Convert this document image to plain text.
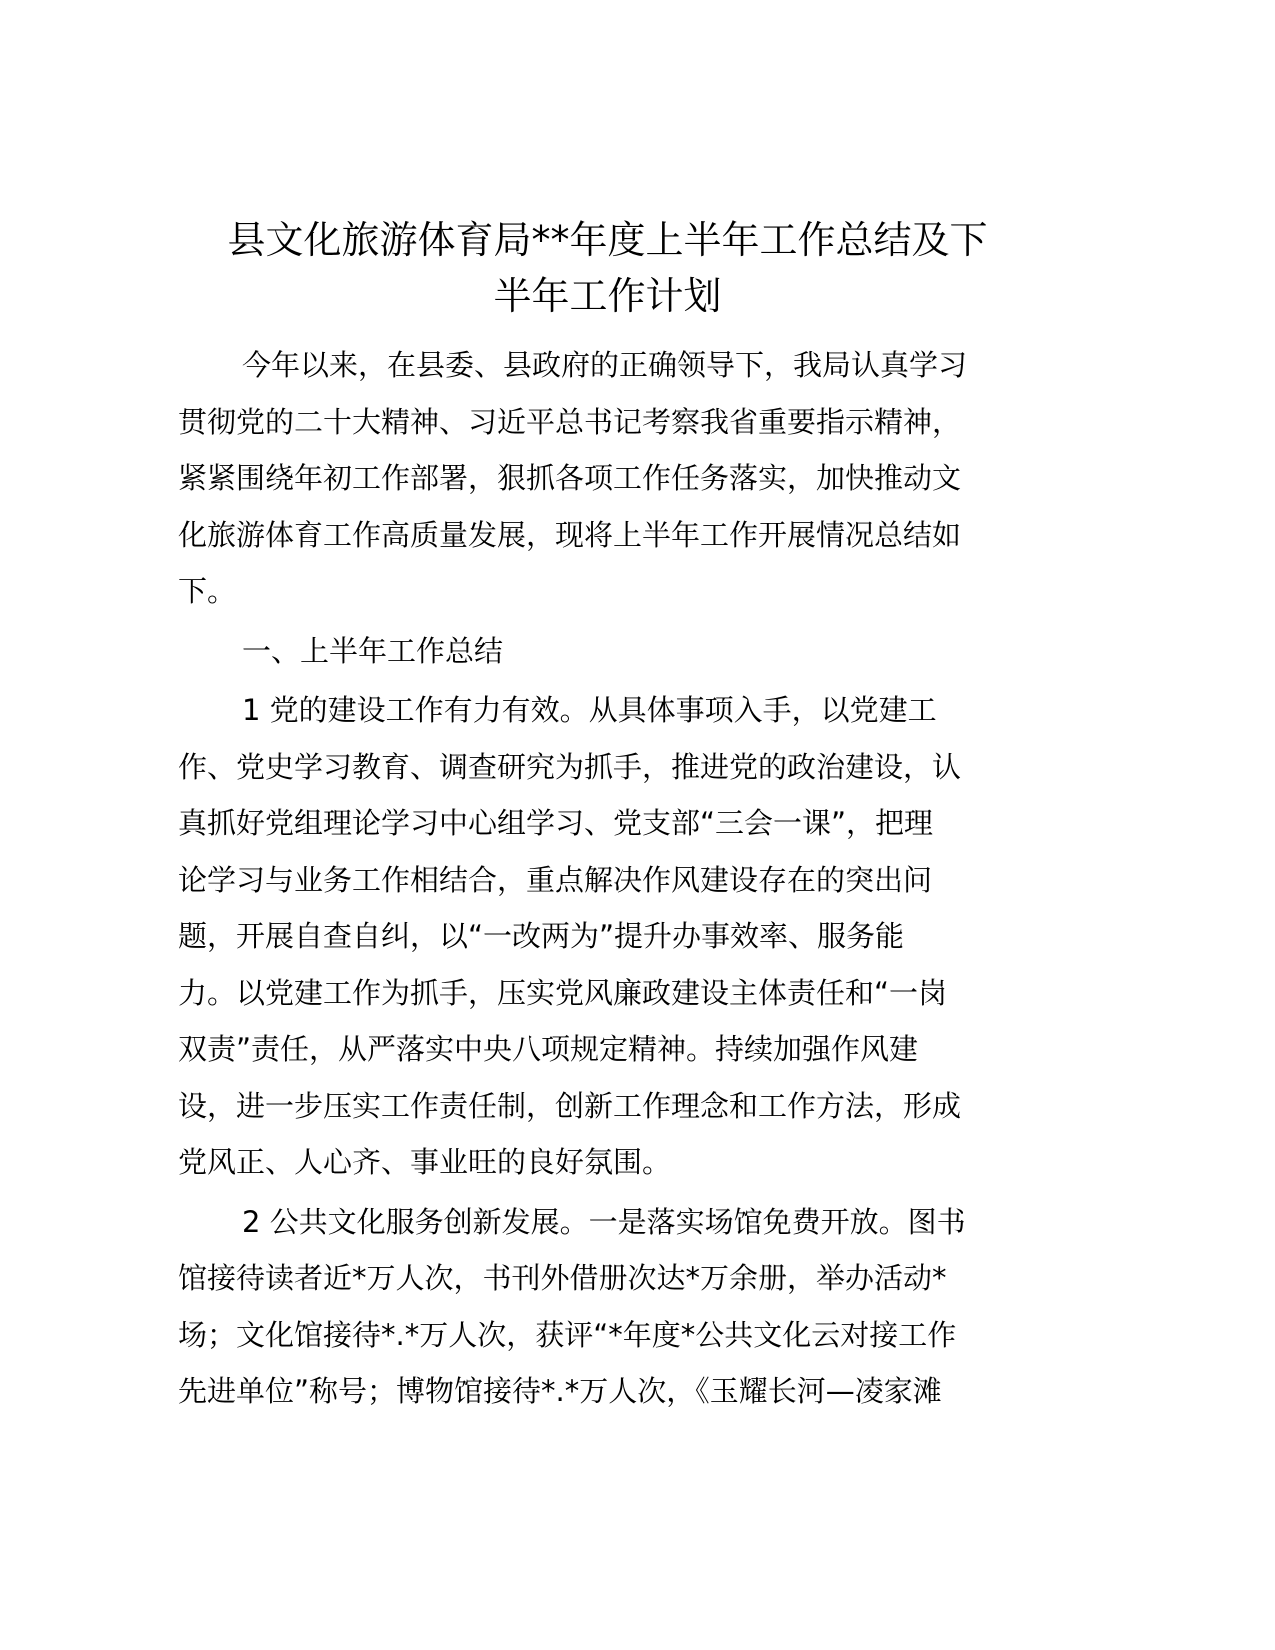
县文化旅游体育局**年度上半年工作总结及下
半年工作计划
今年以来，在县委、县政府的正确领导下，我局认真学习
贯彻党的二十大精神、习近平总书记考察我省重要指示精神，
紧紧围绕年初工作部署，狠抓各项工作任务落实，加快推动文
化旅游体育工作高质量发展，现将上半年工作开展情况总结如
下。
一、上半年工作总结
1 党的建设工作有力有效。从具体事项入手，以党建工
作、党史学习教育、调查研究为抓手，推进党的政治建设，认
真抓好党组理论学习中心组学习、党支部“三会一课”，把理
论学习与业务工作相结合，重点解决作风建设存在的突出问
题，开展自查自纠，以“一改两为”提升办事效率、服务能
力。以党建工作为抓手，压实党风廉政建设主体责任和“一岗
双责”责任，从严落实中央八项规定精神。持续加强作风建
设，进一步压实工作责任制，创新工作理念和工作方法，形成
党风正、人心齐、事业旺的良好氛围。
2 公共文化服务创新发展。一是落实场馆免费开放。图书
馆接待读者近*万人次，书刊外借册次达*万余册，举办活动*
场；文化馆接待*.*万人次，获评“*年度*公共文化云对接工作
先进单位”称号；博物馆接待*.*万人次，《玉耀长河—凌家滩
